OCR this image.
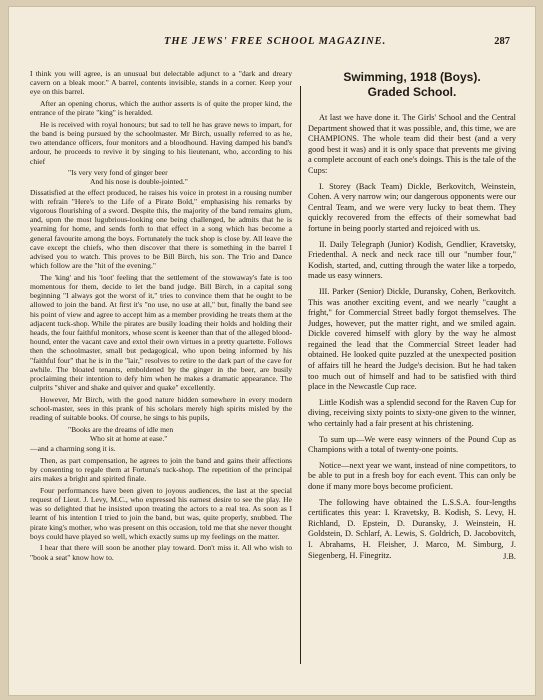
THE JEWS' FREE SCHOOL MAGAZINE.	287

I think you will agree, is an unusual but delectable adjunct to a "dark and dreary cavern on a bleak moor." A barrel, contents invisible, stands in a corner. Keep your eye on this barrel.

After an opening chorus, which the author asserts is of quite the proper kind, the entrance of the pirate "king" is heralded.

He is received with royal honours; but sad to tell he has grave news to impart, for the band is being pursued by the schoolmaster. Mr Birch, usually referred to as he, two attendance officers, four monitors and a bloodhound. Having damped his band's ardour, he proceeds to revive it by singing to his lieutenant, who, according to his chief

"Is very very fond of ginger beer
And his nose is double-jointed."

Dissatisfied at the effect produced, he raises his voice in protest in a rousing number with refrain "Here's to the Life of a Pirate Bold," emphasising his remarks by vigorous flourishing of a sword. Despite this, the majority of the band remains glum, and, upon the most lugubrious-looking one being challenged, he admits that he is yearning for home, and sends forth to that effect in a song which has become a general favourite among the boys. Fortunately the tuck shop is close by. All leave the cave except the chiefs, who then discover that there is something in the barrel I advised you to watch. This proves to be Bill Birch, his son. The Trio and Dance which follow are the "hit of the evening."

The 'king' and his 'loot' feeling that the settlement of the stowaway's fate is too momentous for them, decide to let the band judge. Bill Birch, in a capital song beginning "I always got the worst of it," tries to convince them that he ought to be allowed to join the band. At first it's "no use, no use at all," but, finally the band see his point of view and agree to accept him as a member providing he treats them at the adjacent tuck-shop. While the pirates are busily loading their holds and holding their heads, the four faithful monitors, whose scent is keener than that of the alleged blood-hound, enter the vacant cave and extol their own virtues in a pretty quartette. Follows then the schoolmaster, small but pedagogical, who upon being informed by his "faithful four" that he is in the "lair," resolves to retire to the dark part of the cave for awhile. The bloated tenants, emboldened by the ginger in the beer, are busily proclaiming their intention to defy him when he makes a dramatic appearance. The culprits "shiver and shake and quiver and quake" excellently.

However, Mr Birch, with the good nature hidden somewhere in every modern school-master, sees in this prank of his scholars merely high spirits misled by the reading of suitable books. Of course, he sings to his pupils,

"Books are the dreams of idle men
Who sit at home at ease."

—and a charming song it is.

Then, as part compensation, he agrees to join the band and gains their affections by consenting to regale them at Fortuna's tuck-shop. The repetition of the principal airs makes a bright and spirited finale.

Four performances have been given to joyous audiences, the last at the special request of Lieut. J. Levy, M.C., who expressed his earnest desire to see the play. He was so delighted that he insisted upon treating the actors to a real tea. As soon as I learnt of his intention I tried to join the band, but was, quite properly, snubbed. The pirate king's mother, who was present on this occasion, told me that she never thought boys could have played so well, which exactly sums up my feelings on the matter.

I hear that there will soon be another play toward. Don't miss it. All who wish to "book a seat" know how to.

Swimming, 1918 (Boys).
Graded School.

At last we have done it. The Girls' School and the Central Department showed that it was possible, and, this time, we are CHAMPIONS. The whole team did their best (and a very good best it was) and it is only space that prevents me giving a complete account of each one's doings. This is the tale of the Cups:

I. Storey (Back Team) Dickle, Berkovitch, Weinstein, Cohen. A very narrow win; our dangerous opponents were our Central Team, and we were very lucky to beat them. They quickly recovered from the effects of their somewhat bad fortune in being poorly started and rejoiced with us.

II. Daily Telegraph (Junior) Kodish, Gendlier, Kravetsky, Friedenthal. A neck and neck race till our "number four," Kodish, started, and, cutting through the water like a torpedo, made us easy winners.

III. Parker (Senior) Dickle, Duransky, Cohen, Berkovitch. This was another exciting event, and we nearly "caught a fright," for Commercial Street badly forgot themselves. The Judges, however, put the matter right, and we smiled again. Dickle covered himself with glory by the way he almost regained the lead that the Commercial Street leader had obtained. He looked quite puzzled at the unexpected position of affairs till he heard the Judge's decision. But he had taken too much out of himself and had to be satisfied with third place in the Newcastle Cup race.

Little Kodish was a splendid second for the Raven Cup for diving, receiving sixty points to sixty-one given to the winner, who certainly had a fair present at his christening.

To sum up—We were easy winners of the Pound Cup as Champions with a total of twenty-one points.

Notice—next year we want, instead of nine competitors, to be able to put in a fresh boy for each event. This can only be done if many more boys become proficient.

The following have obtained the L.S.S.A. four-lengths certificates this year: I. Kravetsky, B. Kodish, S. Levy, H. Richland, D. Epstein, D. Duransky, J. Weinstein, H. Goldstein, D. Schlarf, A. Lewis, S. Goldrich, D. Jacobovitch, I. Abrahams, H. Fleisher, J. Marco, M. Simburg, J. Siegenberg, H. Finegritz.	J.B.
